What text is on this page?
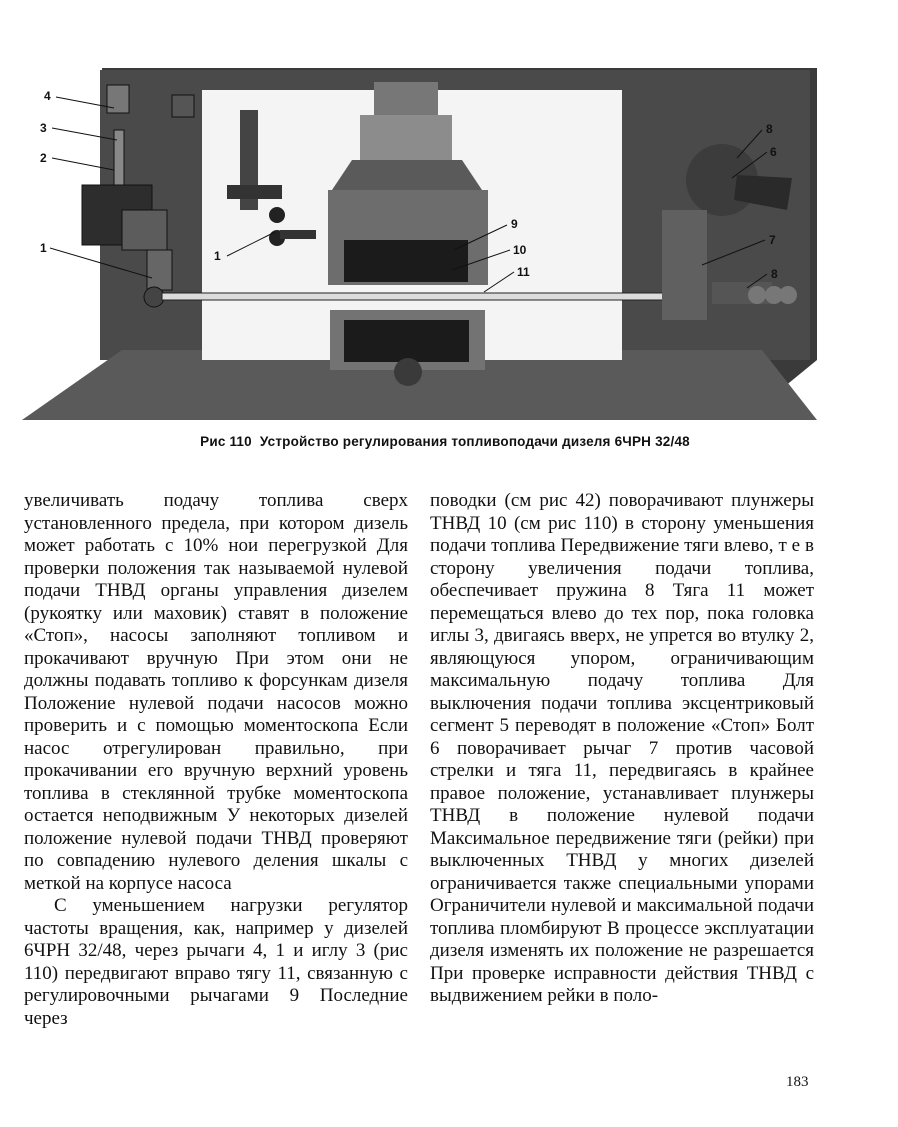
4
3
2
1
1
9
10
11
8
6
7
8
Рис 110 Устройство регулирования топливоподачи дизеля 6ЧРН 32/48

увеличивать подачу топлива сверх установленного предела, при котором дизель может работать с 10% нои перегрузкой Для проверки положения так называемой нулевой подачи ТНВД органы управления дизелем (рукоятку или маховик) ставят в положение «Стоп», насосы заполняют топливом и прокачивают вручную При этом они не должны подавать топливо к форсункам дизеля Положение нулевой подачи насосов можно проверить и с помощью моментоскопа Если насос отрегулирован правильно, при прокачивании его вручную верхний уровень топлива в стеклянной трубке моментоскопа остается неподвижным У некоторых дизелей положение нулевой подачи ТНВД проверяют по совпадению нулевого деления шкалы с меткой на корпусе насоса

С уменьшением нагрузки регулятор частоты вращения, как, например у дизелей 6ЧРН 32/48, через рычаги 4, 1 и иглу 3 (рис 110) передвигают вправо тягу 11, связанную с регулировочными рычагами 9 Последние через

поводки (см рис 42) поворачивают плунжеры ТНВД 10 (см рис 110) в сторону уменьшения подачи топлива Передвижение тяги влево, т е в сторону увеличения подачи топлива, обеспечивает пружина 8 Тяга 11 может перемещаться влево до тех пор, пока головка иглы 3, двигаясь вверх, не упрется во втулку 2, являющуюся упором, ограничивающим максимальную подачу топлива Для выключения подачи топлива эксцентриковый сегмент 5 переводят в положение «Стоп» Болт 6 поворачивает рычаг 7 против часовой стрелки и тяга 11, передвигаясь в крайнее правое положение, устанавливает плунжеры ТНВД в положение нулевой подачи Максимальное передвижение тяги (рейки) при выключенных ТНВД у многих дизелей ограничивается также специальными упорами Ограничители нулевой и максимальной подачи топлива пломбируют В процессе эксплуатации дизеля изменять их положение не разрешается При проверке исправности действия ТНВД с выдвижением рейки в поло-

183
